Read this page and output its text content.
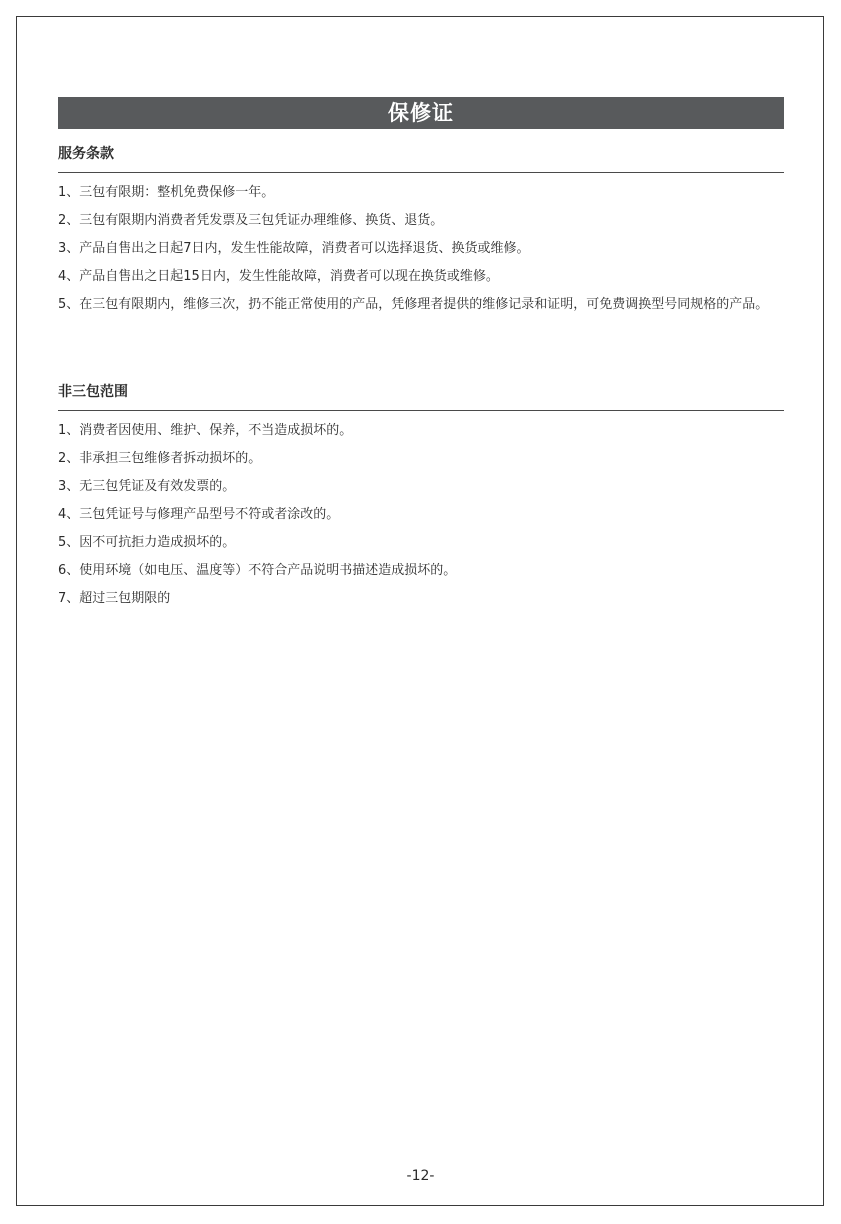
保修证
服务条款
1、 三包有限期：整机免费保修一年。
2、 三包有限期内消费者凭发票及三包凭证办理维修、换货、退货。
3、 产品自售出之日起7日内，发生性能故障，消费者可以选择退货、换货或维修。
4、 产品自售出之日起15日内，发生性能故障，消费者可以现在换货或维修。
5、 在三包有限期内，维修三次，扔不能正常使用的产品，凭修理者提供的维修记录和证明，可免费调换型号同规格的产品。
非三包范围
1、 消费者因使用、维护、保养，不当造成损坏的。
2、 非承担三包维修者拆动损坏的。
3、 无三包凭证及有效发票的。
4、 三包凭证号与修理产品型号不符或者涂改的。
5、 因不可抗拒力造成损坏的。
6、 使用环境（如电压、温度等）不符合产品说明书描述造成损坏的。
7、 超过三包期限的
-12-
